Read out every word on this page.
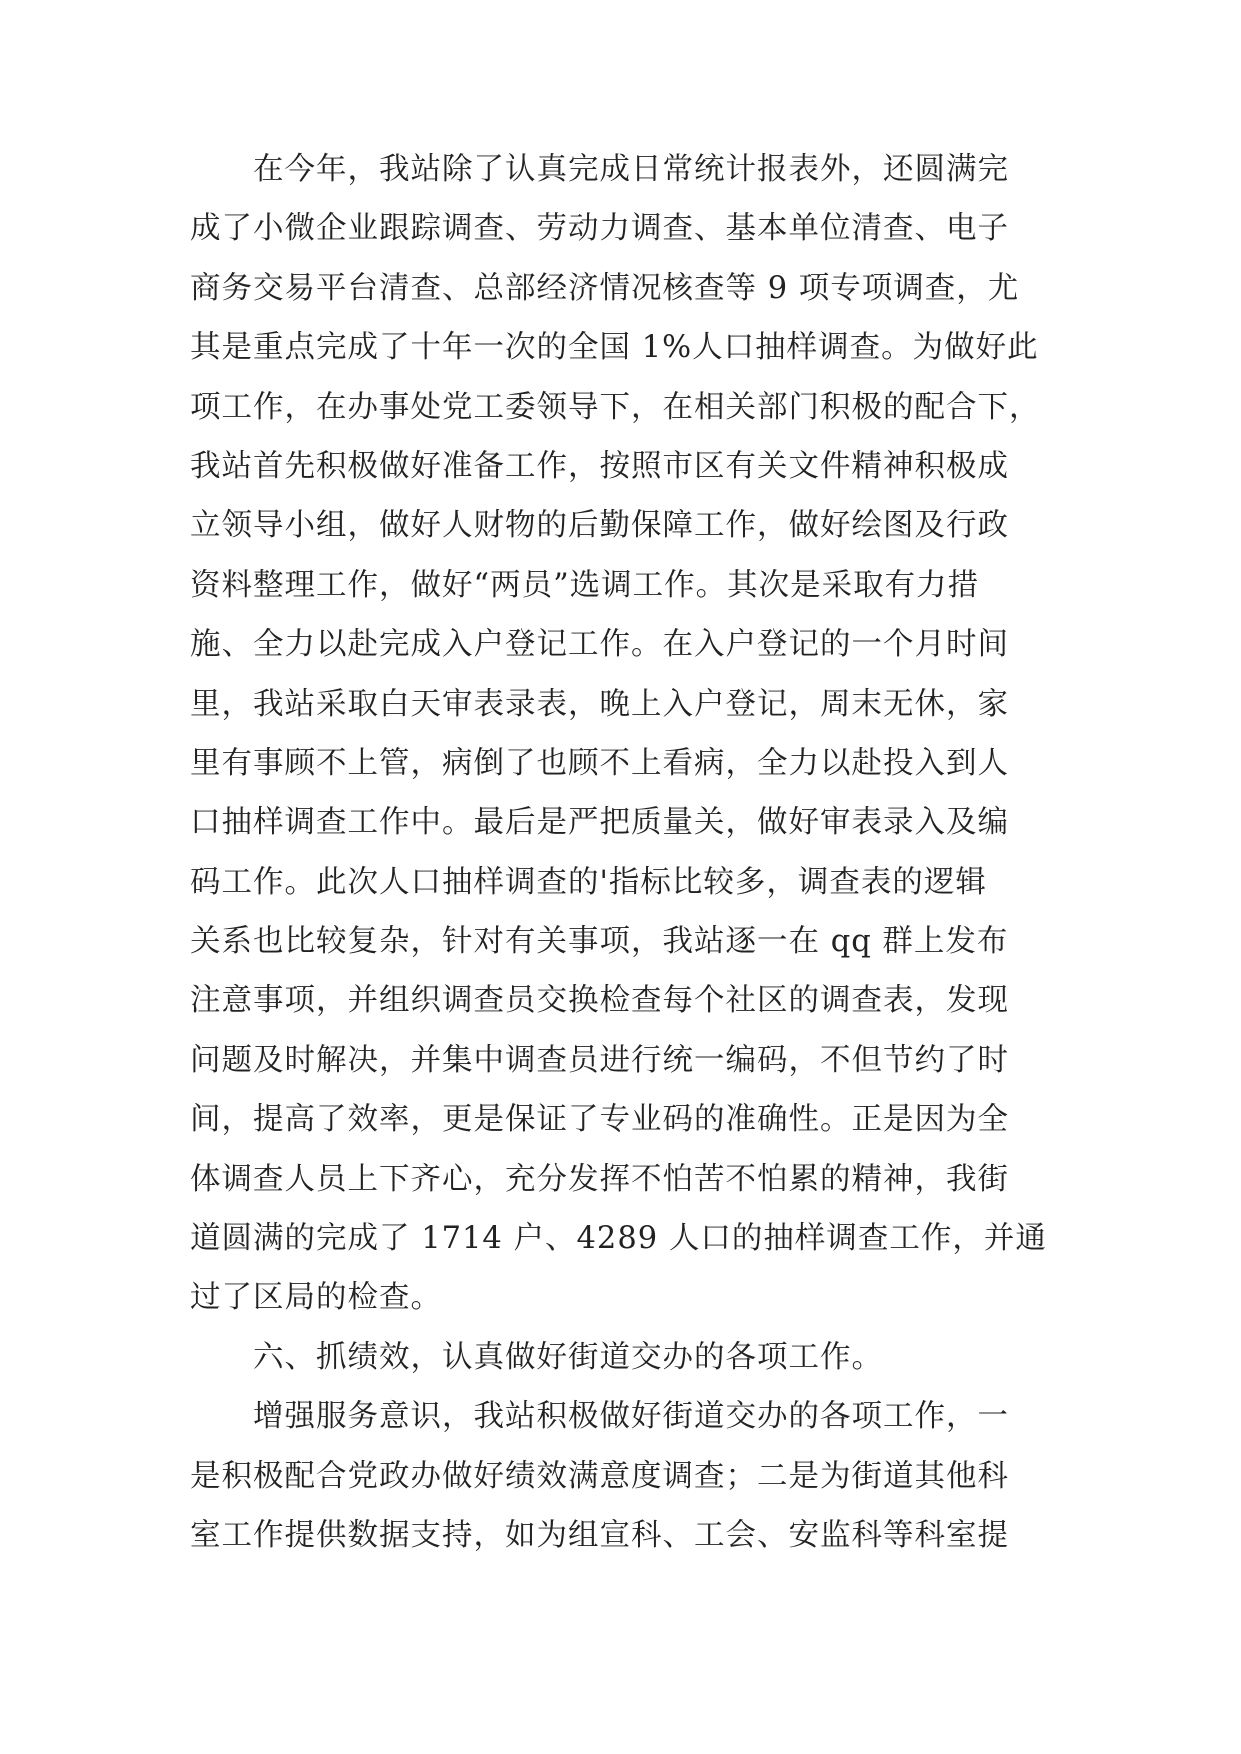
　　在今年，我站除了认真完成日常统计报表外，还圆满完
成了小微企业跟踪调查、劳动力调查、基本单位清查、电子
商务交易平台清查、总部经济情况核查等 9 项专项调查，尤
其是重点完成了十年一次的全国 1%人口抽样调查。为做好此
项工作，在办事处党工委领导下，在相关部门积极的配合下，
我站首先积极做好准备工作，按照市区有关文件精神积极成
立领导小组，做好人财物的后勤保障工作，做好绘图及行政
资料整理工作，做好“两员”选调工作。其次是采取有力措
施、全力以赴完成入户登记工作。在入户登记的一个月时间
里，我站采取白天审表录表，晚上入户登记，周末无休，家
里有事顾不上管，病倒了也顾不上看病，全力以赴投入到人
口抽样调查工作中。最后是严把质量关，做好审表录入及编
码工作。此次人口抽样调查的'指标比较多，调查表的逻辑
关系也比较复杂，针对有关事项，我站逐一在 qq 群上发布
注意事项，并组织调查员交换检查每个社区的调查表，发现
问题及时解决，并集中调查员进行统一编码，不但节约了时
间，提高了效率，更是保证了专业码的准确性。正是因为全
体调查人员上下齐心，充分发挥不怕苦不怕累的精神，我街
道圆满的完成了 1714 户、4289 人口的抽样调查工作，并通
过了区局的检查。
　　六、抓绩效，认真做好街道交办的各项工作。
　　增强服务意识，我站积极做好街道交办的各项工作，一
是积极配合党政办做好绩效满意度调查；二是为街道其他科
室工作提供数据支持，如为组宣科、工会、安监科等科室提
